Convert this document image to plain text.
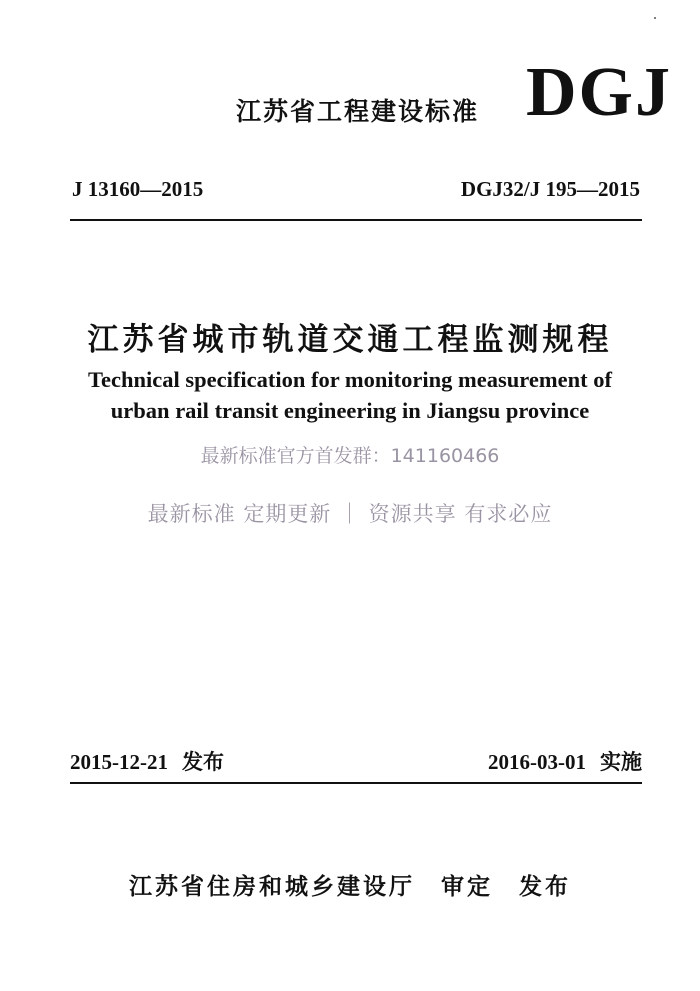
江苏省工程建设标准 DGJ
J 13160—2015	DGJ32/J 195—2015
江苏省城市轨道交通工程监测规程
Technical specification for monitoring measurement of
urban rail transit engineering in Jiangsu province
最新标准官方首发群：141160466
最新标准 定期更新 ｜ 资源共享 有求必应
2015-12-21 发布	2016-03-01 实施
江苏省住房和城乡建设厅 审定 发布
